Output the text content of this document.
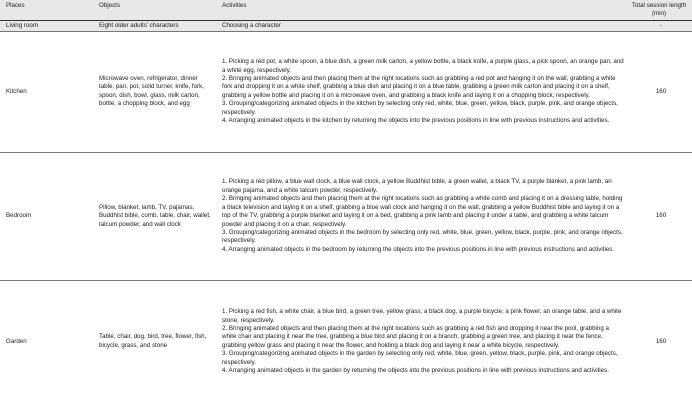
Places	Objects	Activities	Total session length (min)
Living room	Eight older adults’ characters	Choosing a character	-
Kitchen	Microwave oven, refrigerator, dinner table, pan, pot, solid turner, knife, fork, spoon, dish, bowl, glass, milk carton, bottle, a chopping block, and egg	1. Picking a red pot, a white spoon, a blue dish, a green milk carton, a yellow bottle, a black knife, a purple glass, a pick spoon, an orange pan, and a white egg, respectively.
2. Bringing animated objects and then placing them at the right locations such as grabbing a red pot and hanging it on the wall, grabbing a white fork and dropping it on a white shelf, grabbing a blue dish and placing it on a blue table, grabbing a green milk carton and placing it on a shelf, grabbing a yellow bottle and placing it on a microwave oven, and grabbing a black knife and laying it on a chopping block, respectively.
3. Grouping/categorizing animated objects in the kitchen by selecting only red, white, blue, green, yellow, black, purple, pink, and orange objects, respectively.
4. Arranging animated objects in the kitchen by returning the objects into the previous positions in line with previous instructions and activities.	160
Bedroom	Pillow, blanket, lamb, TV, pajamas, Buddhist bible, comb, table, chair, wallet, talcum powder, and wall clock	1. Picking a red pillow, a blue wall clock, a blue wall clock, a yellow Buddhist bible, a green wallet, a black TV, a purple blanket, a pink lamb, an orange pajama, and a white talcum powder, respectively.
2. Bringing animated objects and then placing them at the right locations such as grabbing a white comb and placing it on a dressing table, holding a black television and laying it on a shelf, grabbing a blue wall clock and hanging it on the wall, grabbing a yellow Buddhist bible and laying it on a top of the TV, grabbing a purple blanket and laying it on a bed, grabbing a pink lamb and placing it under a table, and grabbing a white talcum powder and placing it on a chair, respectively.
3. Grouping/categorizing animated objects in the bedroom by selecting only red, white, blue, green, yellow, black, purple, pink, and orange objects, respectively.
4. Arranging animated objects in the bedroom by returning the objects into the previous positions in line with previous instructions and activities.	160
Garden	Table, chair, dog, bird, tree, flower, fish, bicycle, grass, and stone	1. Picking a red fish, a white chair, a blue bird, a green tree, yellow grass, a black dog, a purple bicycle, a pink flower, an orange table, and a white stone, respectively.
2. Bringing animated objects and then placing them at the right locations such as grabbing a red fish and dropping it near the pool, grabbing a white chair and placing it near the tree, grabbing a blue bird and placing it on a branch, grabbing a green tree, and placing it near the fence, grabbing yellow grass and placing it near the flower, and holding a black dog and laying it near a white bicycle, respectively.
3. Grouping/categorizing animated objects in the garden by selecting only red, white, blue, green, yellow, black, purple, pink, and orange objects, respectively.
4. Arranging animated objects in the garden by returning the objects into the previous positions in line with previous instructions and activities.	160
